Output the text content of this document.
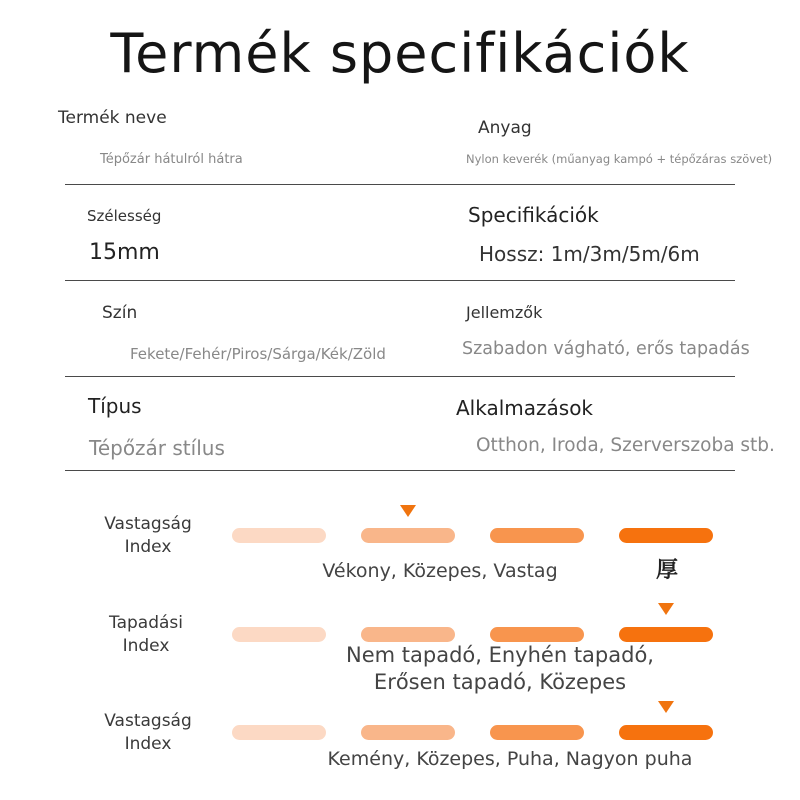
Termék specifikációk
Termék neve
Tépőzár hátulról hátra
Anyag
Nylon keverék (műanyag kampó + tépőzáras szövet)
Szélesség
15mm
Specifikációk
Hossz: 1m/3m/5m/6m
Szín
Fekete/Fehér/Piros/Sárga/Kék/Zöld
Jellemzők
Szabadon vágható, erős tapadás
Típus
Tépőzár stílus
Alkalmazások
Otthon, Iroda, Szerverszoba stb.
Vastagság
Index
Vékony, Közepes, Vastag	厚
Tapadási
Index	Nem tapadó, Enyhén tapadó,
Erősen tapadó, Közepes
Vastagság
Index
Kemény, Közepes, Puha, Nagyon puha
